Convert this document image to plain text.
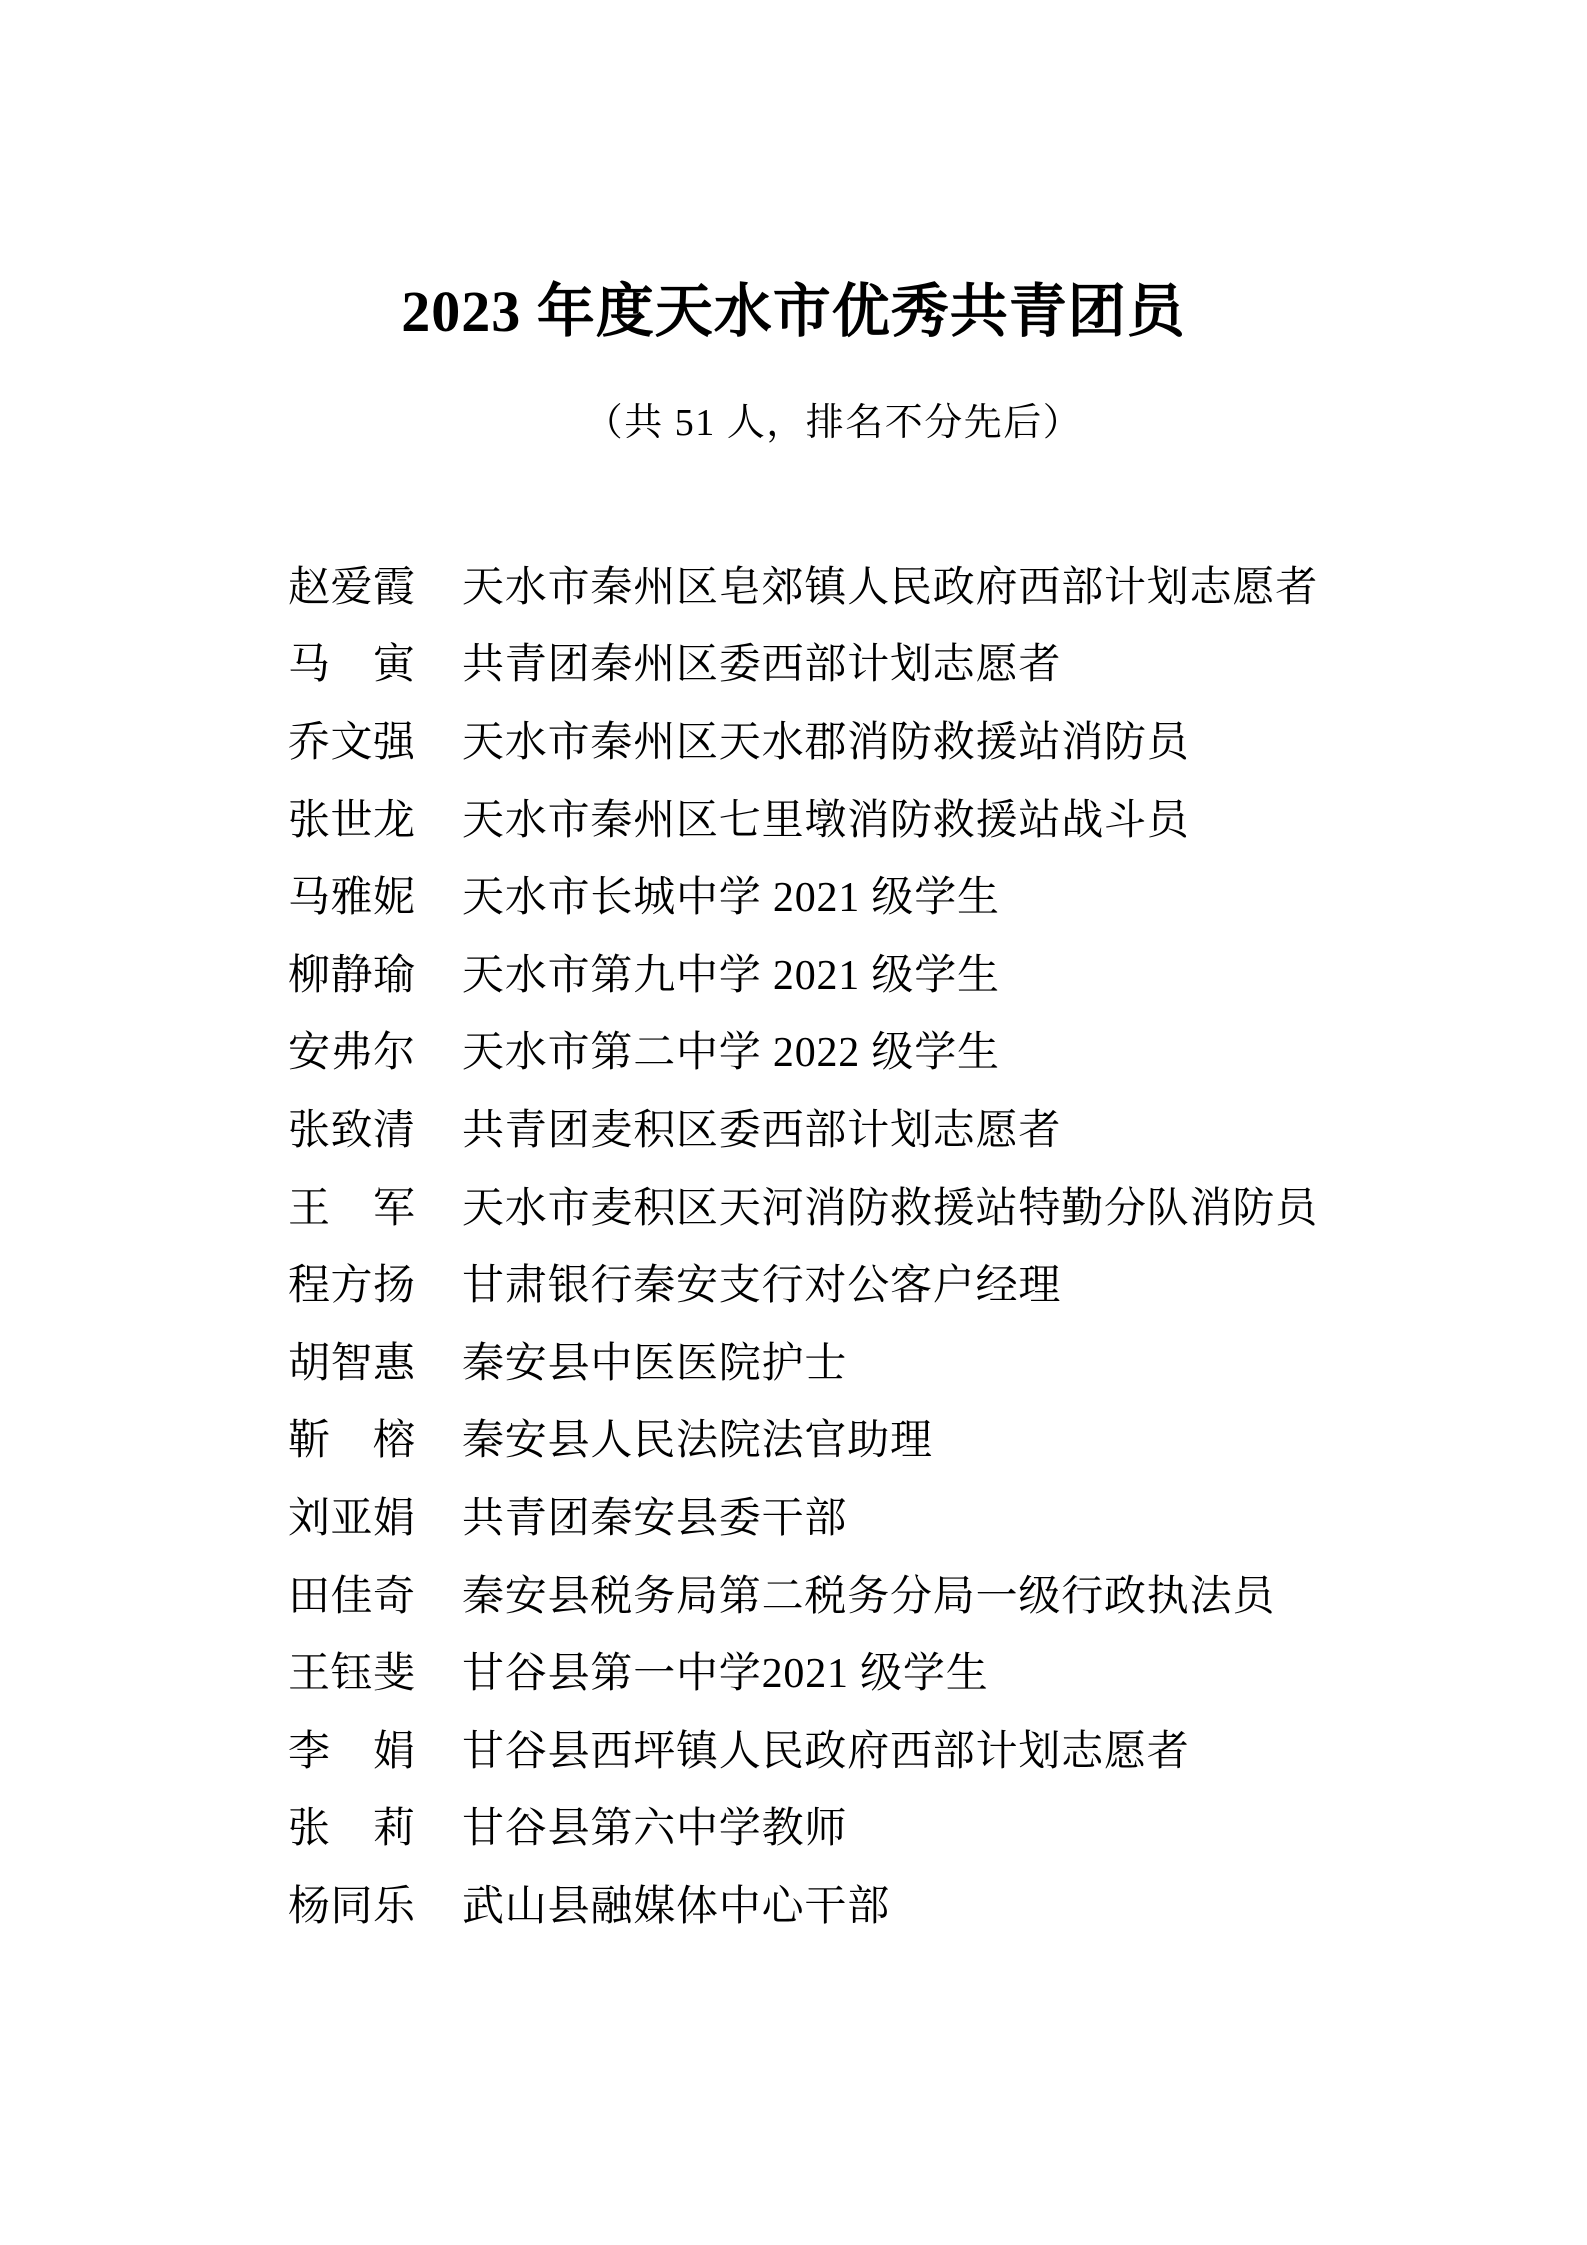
2023 年度天水市优秀共青团员
（共 51 人，排名不分先后）
赵爱霞 天水市秦州区皂郊镇人民政府西部计划志愿者
马　寅 共青团秦州区委西部计划志愿者
乔文强 天水市秦州区天水郡消防救援站消防员
张世龙 天水市秦州区七里墩消防救援站战斗员
马雅妮 天水市长城中学 2021 级学生
柳静瑜 天水市第九中学 2021 级学生
安弗尔 天水市第二中学 2022 级学生
张致清 共青团麦积区委西部计划志愿者
王　军 天水市麦积区天河消防救援站特勤分队消防员
程方扬 甘肃银行秦安支行对公客户经理
胡智惠 秦安县中医医院护士
靳　榕 秦安县人民法院法官助理
刘亚娟 共青团秦安县委干部
田佳奇 秦安县税务局第二税务分局一级行政执法员
王钰斐 甘谷县第一中学2021 级学生
李　娟 甘谷县西坪镇人民政府西部计划志愿者
张　莉 甘谷县第六中学教师
杨同乐 武山县融媒体中心干部
